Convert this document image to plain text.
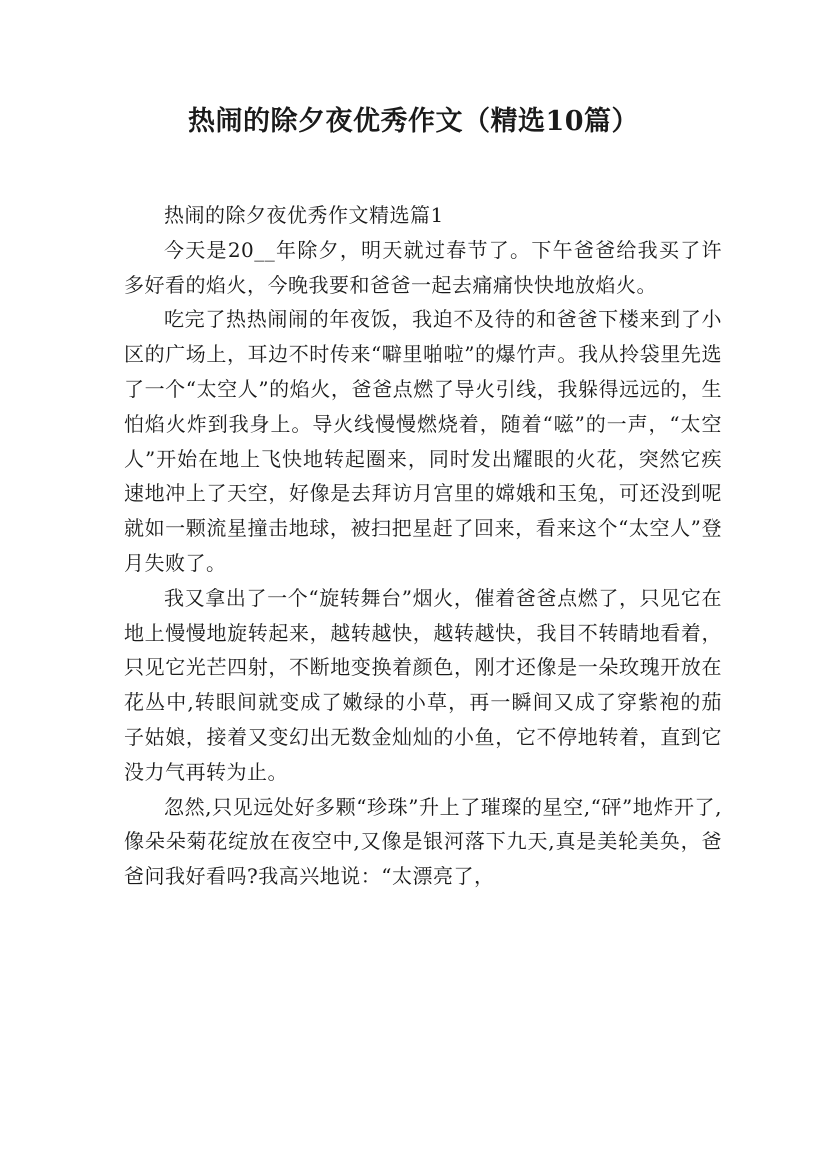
热闹的除夕夜优秀作文（精选10篇）

热闹的除夕夜优秀作文精选篇1

今天是20__年除夕，明天就过春节了。下午爸爸给我买了许多好看的焰火，今晚我要和爸爸一起去痛痛快快地放焰火。

吃完了热热闹闹的年夜饭，我迫不及待的和爸爸下楼来到了小区的广场上，耳边不时传来“噼里啪啦”的爆竹声。我从拎袋里先选了一个“太空人”的焰火，爸爸点燃了导火引线，我躲得远远的，生怕焰火炸到我身上。导火线慢慢燃烧着，随着“嗞”的一声，“太空人”开始在地上飞快地转起圈来，同时发出耀眼的火花，突然它疾速地冲上了天空，好像是去拜访月宫里的嫦娥和玉兔，可还没到呢就如一颗流星撞击地球，被扫把星赶了回来，看来这个“太空人”登月失败了。

我又拿出了一个“旋转舞台”烟火，催着爸爸点燃了，只见它在地上慢慢地旋转起来，越转越快，越转越快，我目不转睛地看着，只见它光芒四射，不断地变换着颜色，刚才还像是一朵玫瑰开放在花丛中,转眼间就变成了嫩绿的小草，再一瞬间又成了穿紫袍的茄子姑娘，接着又变幻出无数金灿灿的小鱼，它不停地转着，直到它没力气再转为止。

忽然,只见远处好多颗“珍珠”升上了璀璨的星空,“砰”地炸开了,像朵朵菊花绽放在夜空中,又像是银河落下九天,真是美轮美奂，爸爸问我好看吗?我高兴地说：“太漂亮了，
